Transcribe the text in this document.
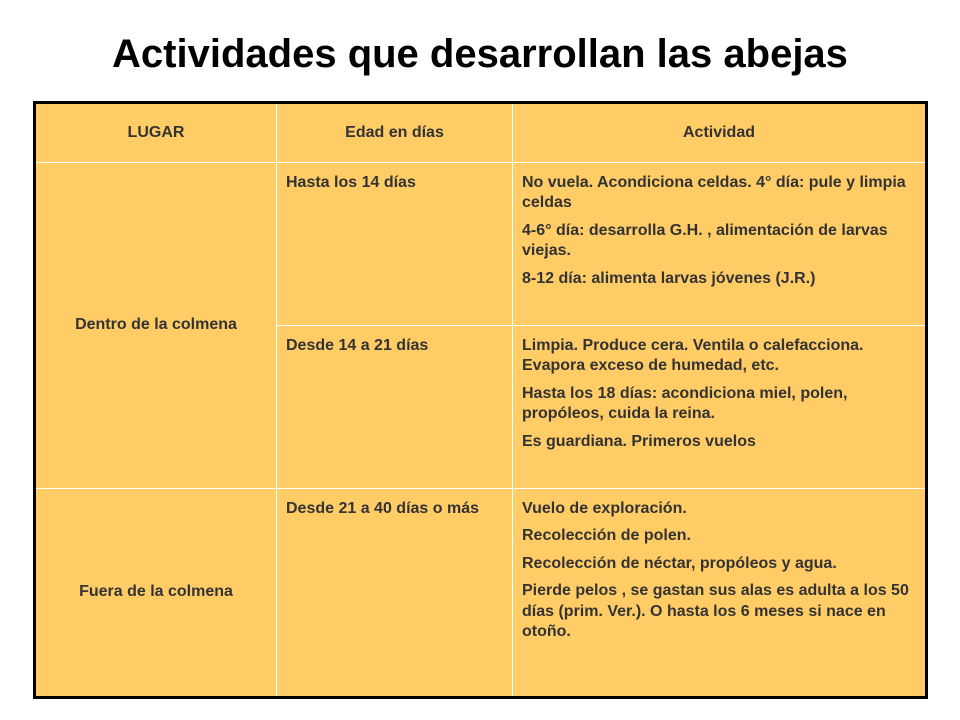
Actividades que desarrollan las abejas
LUGAR	Edad en días	Actividad
Dentro de la colmena	Hasta los 14 días	No vuela. Acondiciona celdas. 4° día: pule y limpia celdas

4-6° día: desarrolla G.H. , alimentación de larvas viejas.

8-12 día: alimenta larvas jóvenes (J.R.)

	Desde 14 a 21 días	Limpia. Produce cera. Ventila o calefacciona. Evapora exceso de humedad, etc.

Hasta los 18 días: acondiciona miel, polen, propóleos, cuida la reina.

Es guardiana. Primeros vuelos

Fuera de la colmena	Desde 21 a 40 días o más	Vuelo de exploración.

Recolección de polen.

Recolección de néctar, propóleos y agua.

Pierde pelos , se gastan sus alas es adulta a los 50 días (prim. Ver.). O hasta los 6 meses si nace en otoño.
